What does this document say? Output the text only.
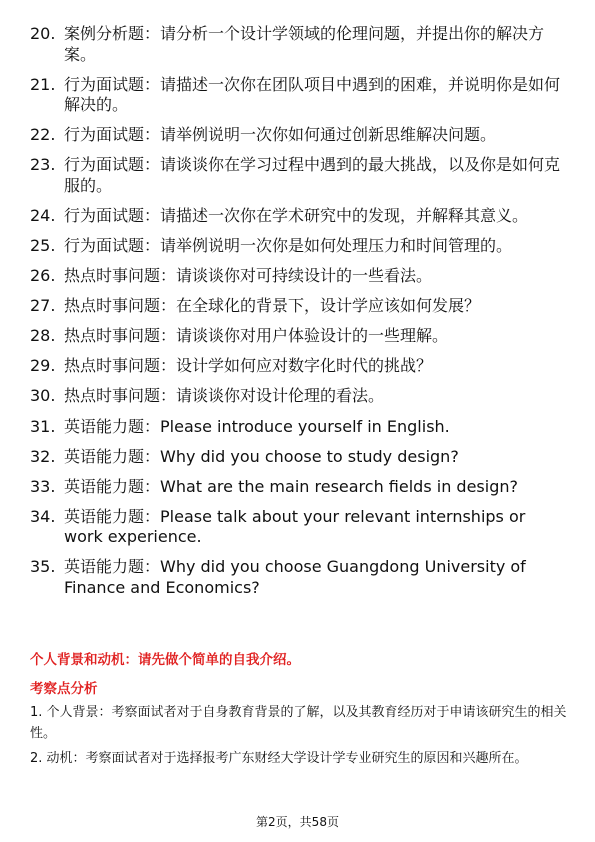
20. 案例分析题：请分析一个设计学领域的伦理问题，并提出你的解决方案。
21. 行为面试题：请描述一次你在团队项目中遇到的困难，并说明你是如何解决的。
22. 行为面试题：请举例说明一次你如何通过创新思维解决问题。
23. 行为面试题：请谈谈你在学习过程中遇到的最大挑战，以及你是如何克服的。
24. 行为面试题：请描述一次你在学术研究中的发现，并解释其意义。
25. 行为面试题：请举例说明一次你是如何处理压力和时间管理的。
26. 热点时事问题：请谈谈你对可持续设计的一些看法。
27. 热点时事问题：在全球化的背景下，设计学应该如何发展？
28. 热点时事问题：请谈谈你对用户体验设计的一些理解。
29. 热点时事问题：设计学如何应对数字化时代的挑战？
30. 热点时事问题：请谈谈你对设计伦理的看法。
31. 英语能力题：Please introduce yourself in English.
32. 英语能力题：Why did you choose to study design?
33. 英语能力题：What are the main research fields in design?
34. 英语能力题：Please talk about your relevant internships or work experience.
35. 英语能力题：Why did you choose Guangdong University of Finance and Economics?
个人背景和动机：请先做个简单的自我介绍。
考察点分析
1. 个人背景：考察面试者对于自身教育背景的了解，以及其教育经历对于申请该研究生的相关性。
2. 动机：考察面试者对于选择报考广东财经大学设计学专业研究生的原因和兴趣所在。
第2页，共58页
